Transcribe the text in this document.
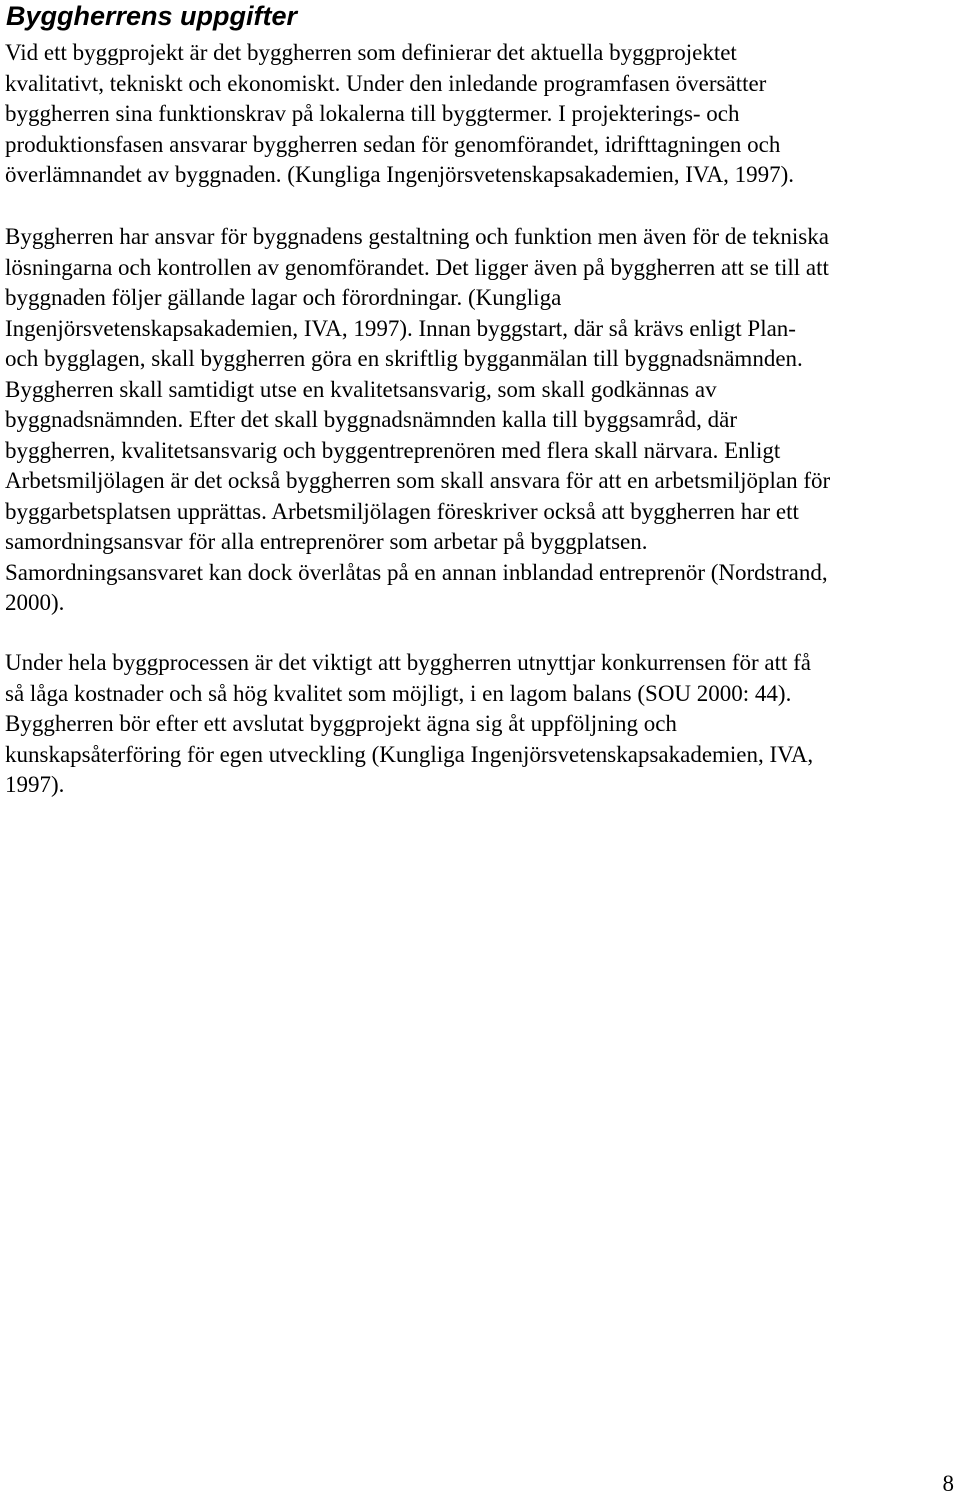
Byggherrens uppgifter

Vid ett byggprojekt är det byggherren som definierar det aktuella byggprojektet
kvalitativt, tekniskt och ekonomiskt. Under den inledande programfasen översätter
byggherren sina funktionskrav på lokalerna till byggtermer. I projekterings- och
produktionsfasen ansvarar byggherren sedan för genomförandet, idrifttagningen och
överlämnandet av byggnaden. (Kungliga Ingenjörsvetenskapsakademien, IVA, 1997).

Byggherren har ansvar för byggnadens gestaltning och funktion men även för de tekniska
lösningarna och kontrollen av genomförandet. Det ligger även på byggherren att se till att
byggnaden följer gällande lagar och förordningar. (Kungliga
Ingenjörsvetenskapsakademien, IVA, 1997). Innan byggstart, där så krävs enligt Plan-
och bygglagen, skall byggherren göra en skriftlig bygganmälan till byggnadsnämnden.
Byggherren skall samtidigt utse en kvalitetsansvarig, som skall godkännas av
byggnadsnämnden. Efter det skall byggnadsnämnden kalla till byggsamråd, där
byggherren, kvalitetsansvarig och byggentreprenören med flera skall närvara. Enligt
Arbetsmiljölagen är det också byggherren som skall ansvara för att en arbetsmiljöplan för
byggarbetsplatsen upprättas. Arbetsmiljölagen föreskriver också att byggherren har ett
samordningsansvar för alla entreprenörer som arbetar på byggplatsen.
Samordningsansvaret kan dock överlåtas på en annan inblandad entreprenör (Nordstrand,
2000).

Under hela byggprocessen är det viktigt att byggherren utnyttjar konkurrensen för att få
så låga kostnader och så hög kvalitet som möjligt, i en lagom balans (SOU 2000: 44).
Byggherren bör efter ett avslutat byggprojekt ägna sig åt uppföljning och
kunskapsåterföring för egen utveckling (Kungliga Ingenjörsvetenskapsakademien, IVA,
1997).

8
